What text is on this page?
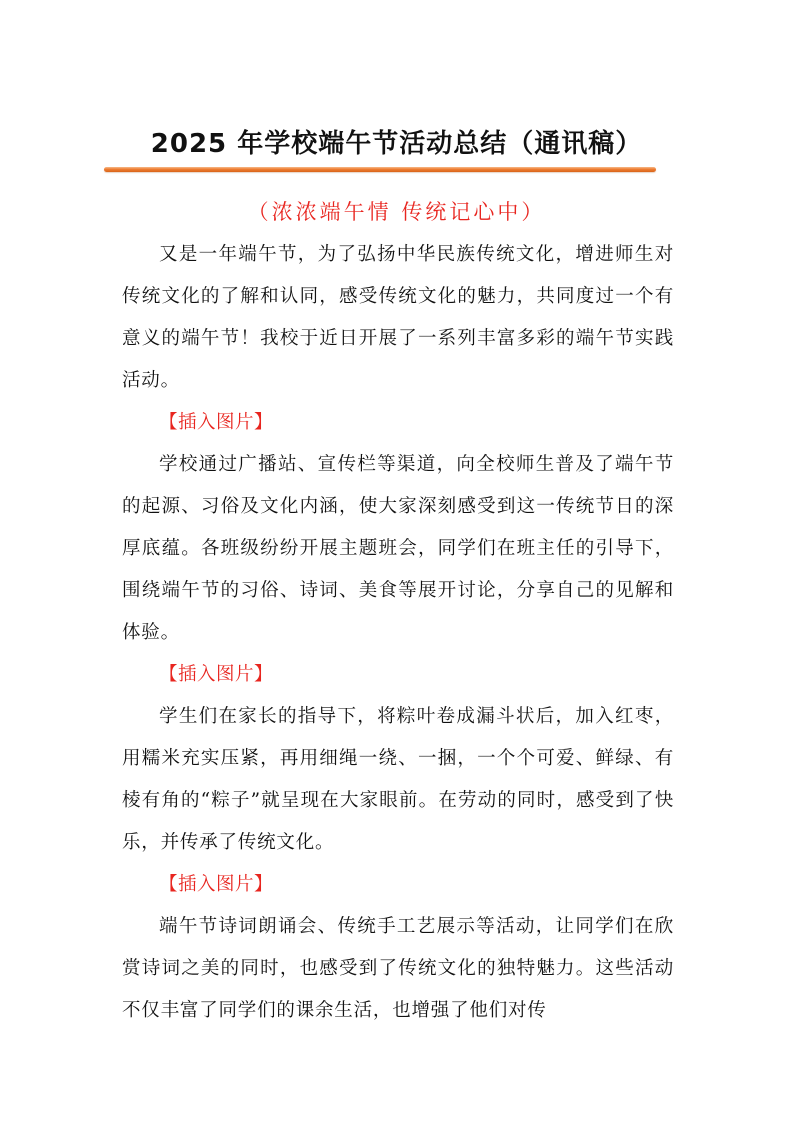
2025 年学校端午节活动总结（通讯稿）
（浓浓端午情 传统记心中）

又是一年端午节，为了弘扬中华民族传统文化，增进师生对传统文化的了解和认同，感受传统文化的魅力，共同度过一个有意义的端午节！我校于近日开展了一系列丰富多彩的端午节实践活动。

【插入图片】

学校通过广播站、宣传栏等渠道，向全校师生普及了端午节的起源、习俗及文化内涵，使大家深刻感受到这一传统节日的深厚底蕴。各班级纷纷开展主题班会，同学们在班主任的引导下，围绕端午节的习俗、诗词、美食等展开讨论，分享自己的见解和体验。

【插入图片】

学生们在家长的指导下，将粽叶卷成漏斗状后，加入红枣，用糯米充实压紧，再用细绳一绕、一捆，一个个可爱、鲜绿、有棱有角的“粽子”就呈现在大家眼前。在劳动的同时，感受到了快乐，并传承了传统文化。

【插入图片】

端午节诗词朗诵会、传统手工艺展示等活动，让同学们在欣赏诗词之美的同时，也感受到了传统文化的独特魅力。这些活动不仅丰富了同学们的课余生活，也增强了他们对传
